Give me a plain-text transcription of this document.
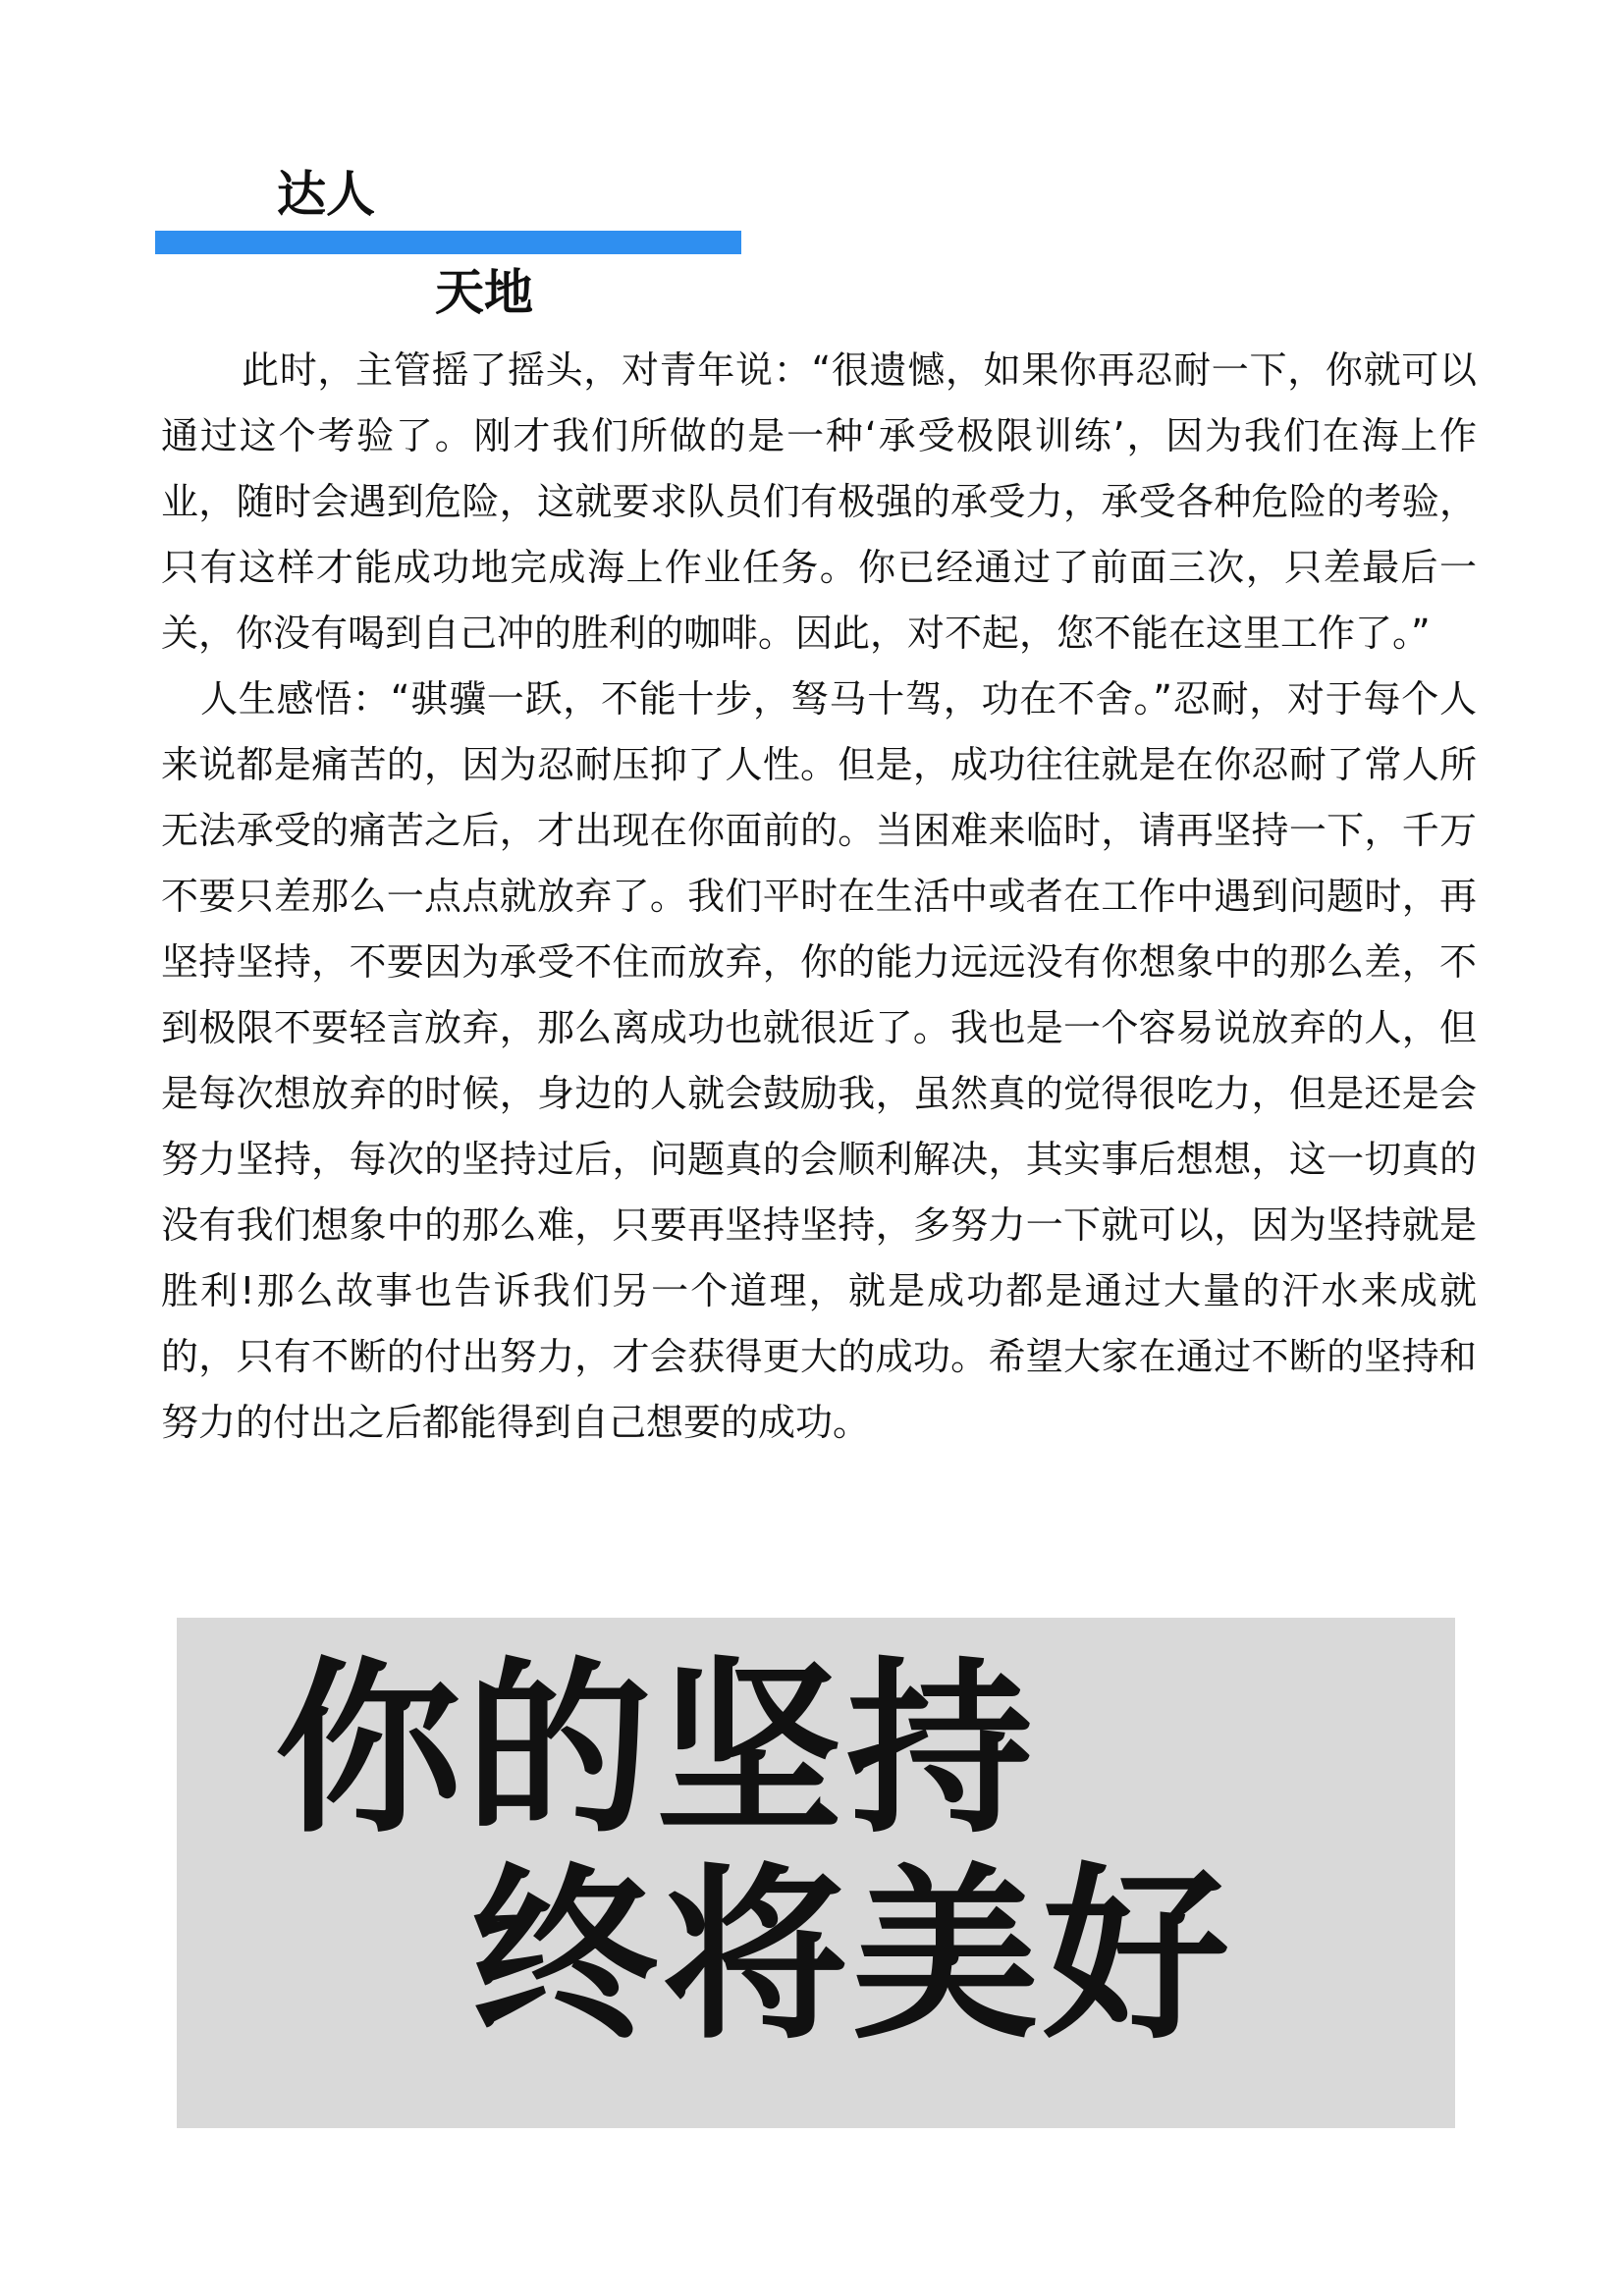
达人
天地

此时，主管摇了摇头，对青年说：“很遗憾，如果你再忍耐一下，你就可以通过这个考验了。刚才我们所做的是一种‘承受极限训练’，因为我们在海上作业，随时会遇到危险，这就要求队员们有极强的承受力，承受各种危险的考验，只有这样才能成功地完成海上作业任务。你已经通过了前面三次，只差最后一关，你没有喝到自己冲的胜利的咖啡。因此，对不起，您不能在这里工作了。”

人生感悟：“骐骥一跃，不能十步，驽马十驾，功在不舍。”忍耐，对于每个人来说都是痛苦的，因为忍耐压抑了人性。但是，成功往往就是在你忍耐了常人所无法承受的痛苦之后，才出现在你面前的。当困难来临时，请再坚持一下，千万不要只差那么一点点就放弃了。我们平时在生活中或者在工作中遇到问题时，再坚持坚持，不要因为承受不住而放弃，你的能力远远没有你想象中的那么差，不到极限不要轻言放弃，那么离成功也就很近了。我也是一个容易说放弃的人，但是每次想放弃的时候，身边的人就会鼓励我，虽然真的觉得很吃力，但是还是会努力坚持，每次的坚持过后，问题真的会顺利解决，其实事后想想，这一切真的没有我们想象中的那么难，只要再坚持坚持，多努力一下就可以，因为坚持就是胜利!那么故事也告诉我们另一个道理，就是成功都是通过大量的汗水来成就的，只有不断的付出努力，才会获得更大的成功。希望大家在通过不断的坚持和努力的付出之后都能得到自己想要的成功。

你的坚持
终将美好
